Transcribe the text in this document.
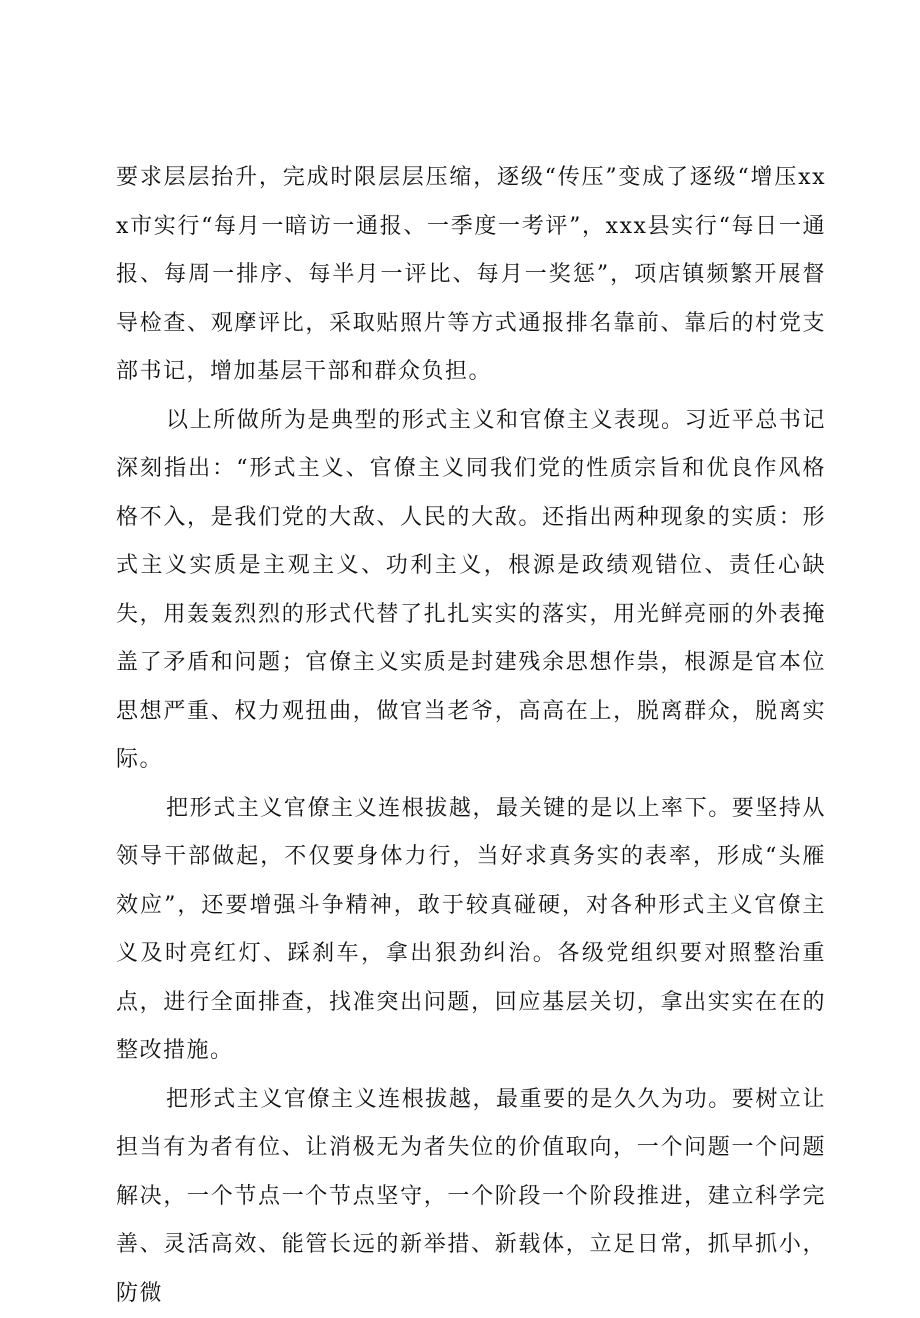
要求层层抬升，完成时限层层压缩，逐级“传压”变成了逐级“增压xxx市实行“每月一暗访一通报、一季度一考评”，xxx县实行“每日一通报、每周一排序、每半月一评比、每月一奖惩”，项店镇频繁开展督导检查、观摩评比，采取贴照片等方式通报排名靠前、靠后的村党支部书记，增加基层干部和群众负担。

以上所做所为是典型的形式主义和官僚主义表现。习近平总书记深刻指出：“形式主义、官僚主义同我们党的性质宗旨和优良作风格格不入，是我们党的大敌、人民的大敌。还指出两种现象的实质：形式主义实质是主观主义、功利主义，根源是政绩观错位、责任心缺失，用轰轰烈烈的形式代替了扎扎实实的落实，用光鲜亮丽的外表掩盖了矛盾和问题；官僚主义实质是封建残余思想作祟，根源是官本位思想严重、权力观扭曲，做官当老爷，高高在上，脱离群众，脱离实际。

把形式主义官僚主义连根拔越，最关键的是以上率下。要坚持从领导干部做起，不仅要身体力行，当好求真务实的表率，形成“头雁效应”，还要增强斗争精神，敢于较真碰硬，对各种形式主义官僚主义及时亮红灯、踩刹车，拿出狠劲纠治。各级党组织要对照整治重点，进行全面排查，找准突出问题，回应基层关切，拿出实实在在的整改措施。

把形式主义官僚主义连根拔越，最重要的是久久为功。要树立让担当有为者有位、让消极无为者失位的价值取向，一个问题一个问题解决，一个节点一个节点坚守，一个阶段一个阶段推进，建立科学完善、灵活高效、能管长远的新举措、新载体，立足日常，抓早抓小，防微
